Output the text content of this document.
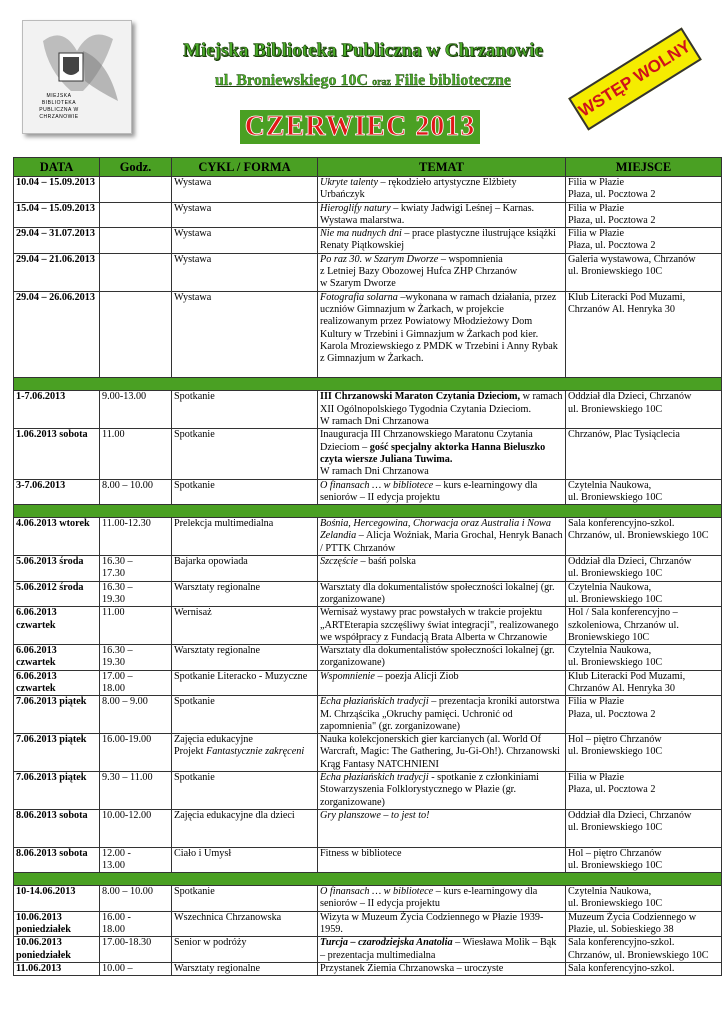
MIEJSKA BIBLIOTEKA PUBLICZNA W CHRZANOWIE
Miejska Biblioteka Publiczna w Chrzanowie
ul. Broniewskiego 10C oraz Filie biblioteczne
CZERWIEC 2013
WSTĘP WOLNY
DATA	Godz.	CYKL / FORMA	TEMAT	MIEJSCE
10.04 – 15.09.2013		Wystawa	Ukryte talenty – rękodzieło artystyczne Elżbiety Urbańczyk	Filia w Płazie
Płaza, ul. Pocztowa 2
15.04 – 15.09.2013		Wystawa	Hieroglify natury – kwiaty Jadwigi Leśnej – Karnas. Wystawa malarstwa.	Filia w Płazie
Płaza, ul. Pocztowa 2
29.04 – 31.07.2013		Wystawa	Nie ma nudnych dni – prace plastyczne ilustrujące książki Renaty Piątkowskiej	Filia w Płazie
Płaza, ul. Pocztowa 2
29.04 – 21.06.2013		Wystawa	Po raz 30. w Szarym Dworze – wspomnienia
z Letniej Bazy Obozowej Hufca ZHP Chrzanów
w Szarym Dworze	Galeria wystawowa, Chrzanów
ul. Broniewskiego 10C
29.04 – 26.06.2013		Wystawa	Fotografia solarna –wykonana w ramach działania, przez uczniów Gimnazjum w Żarkach, w projekcie realizowanym przez Powiatowy Młodzieżowy Dom Kultury w Trzebini i Gimnazjum w Żarkach pod kier. Karola Mroziewskiego z PMDK w Trzebini i Anny Rybak z Gimnazjum w Żarkach.	Klub Literacki Pod Muzami, Chrzanów Al. Henryka 30

1-7.06.2013	9.00-13.00	Spotkanie	III Chrzanowski Maraton Czytania Dzieciom, w ramach XII Ogólnopolskiego Tygodnia Czytania Dzieciom.
W ramach Dni Chrzanowa	Oddział dla Dzieci, Chrzanów
ul. Broniewskiego 10C
1.06.2013 sobota	11.00	Spotkanie	Inauguracja III Chrzanowskiego Maratonu Czytania Dzieciom – gość specjalny aktorka Hanna Bieluszko czyta wiersze Juliana Tuwima.
W ramach Dni Chrzanowa	Chrzanów, Plac Tysiąclecia
3-7.06.2013	8.00 – 10.00	Spotkanie	O finansach … w bibliotece – kurs e-learningowy dla seniorów – II edycja projektu	Czytelnia Naukowa,
ul. Broniewskiego 10C

4.06.2013 wtorek	11.00-12.30	Prelekcja multimedialna	Bośnia, Hercegowina, Chorwacja oraz Australia i Nowa Zelandia – Alicja Woźniak, Maria Grochal, Henryk Banach / PTTK Chrzanów	Sala konferencyjno-szkol. Chrzanów, ul. Broniewskiego 10C
5.06.2013 środa	16.30 –
17.30	Bajarka opowiada	Szczęście – baśń polska	Oddział dla Dzieci, Chrzanów
ul. Broniewskiego 10C
5.06.2012 środa	16.30 –
19.30	Warsztaty regionalne	Warsztaty dla dokumentalistów społeczności lokalnej (gr. zorganizowane)	Czytelnia Naukowa,
ul. Broniewskiego 10C
6.06.2013 czwartek	11.00	Wernisaż	Wernisaż wystawy prac powstałych w trakcie projektu „ARTEterapia szczęśliwy świat integracji", realizowanego we współpracy z Fundacją Brata Alberta w Chrzanowie	Hol / Sala konferencyjno – szkoleniowa, Chrzanów ul. Broniewskiego 10C
6.06.2013 czwartek	16.30 –
19.30	Warsztaty regionalne	Warsztaty dla dokumentalistów społeczności lokalnej (gr. zorganizowane)	Czytelnia Naukowa,
ul. Broniewskiego 10C
6.06.2013 czwartek	17.00 –
18.00	Spotkanie Literacko - Muzyczne	Wspomnienie – poezja Alicji Ziob	Klub Literacki Pod Muzami, Chrzanów Al. Henryka 30
7.06.2013 piątek	8.00 – 9.00	Spotkanie	Echa płaziańskich tradycji – prezentacja kroniki autorstwa M. Chrząścika „Okruchy pamięci. Uchronić od zapomnienia" (gr. zorganizowane)	Filia w Płazie
Płaza, ul. Pocztowa 2
7.06.2013 piątek	16.00-19.00	Zajęcia edukacyjne
Projekt Fantastycznie zakręceni	Nauka kolekcjonerskich gier karcianych (al. World Of Warcraft, Magic: The Gathering, Ju-Gi-Oh!). Chrzanowski Krąg Fantasy NATCHNIENI	Hol – piętro Chrzanów
ul. Broniewskiego 10C
7.06.2013 piątek	9.30 – 11.00	Spotkanie	Echa płaziańskich tradycji - spotkanie z członkiniami Stowarzyszenia Folklorystycznego w Płazie (gr. zorganizowane)	Filia w Płazie
Płaza, ul. Pocztowa 2
8.06.2013 sobota	10.00-12.00	Zajęcia edukacyjne dla dzieci	Gry planszowe – to jest to!	Oddział dla Dzieci, Chrzanów
ul. Broniewskiego 10C
8.06.2013 sobota	12.00 -
13.00	Ciało i Umysł	Fitness w bibliotece	Hol – piętro Chrzanów
ul. Broniewskiego 10C

10-14.06.2013	8.00 – 10.00	Spotkanie	O finansach … w bibliotece – kurs e-learningowy dla seniorów – II edycja projektu	Czytelnia Naukowa,
ul. Broniewskiego 10C
10.06.2013 poniedziałek	16.00 -
18.00	Wszechnica Chrzanowska	Wizyta w Muzeum Życia Codziennego w Płazie 1939-1959.	Muzeum Życia Codziennego w Płazie, ul. Sobieskiego 38
10.06.2013 poniedziałek	17.00-18.30	Senior w podróży	Turcja – czarodziejska Anatolia – Wiesława Molik – Bąk – prezentacja multimedialna	Sala konferencyjno-szkol. Chrzanów, ul. Broniewskiego 10C
11.06.2013	10.00 –	Warsztaty regionalne	Przystanek Ziemia Chrzanowska – uroczyste	Sala konferencyjno-szkol.
